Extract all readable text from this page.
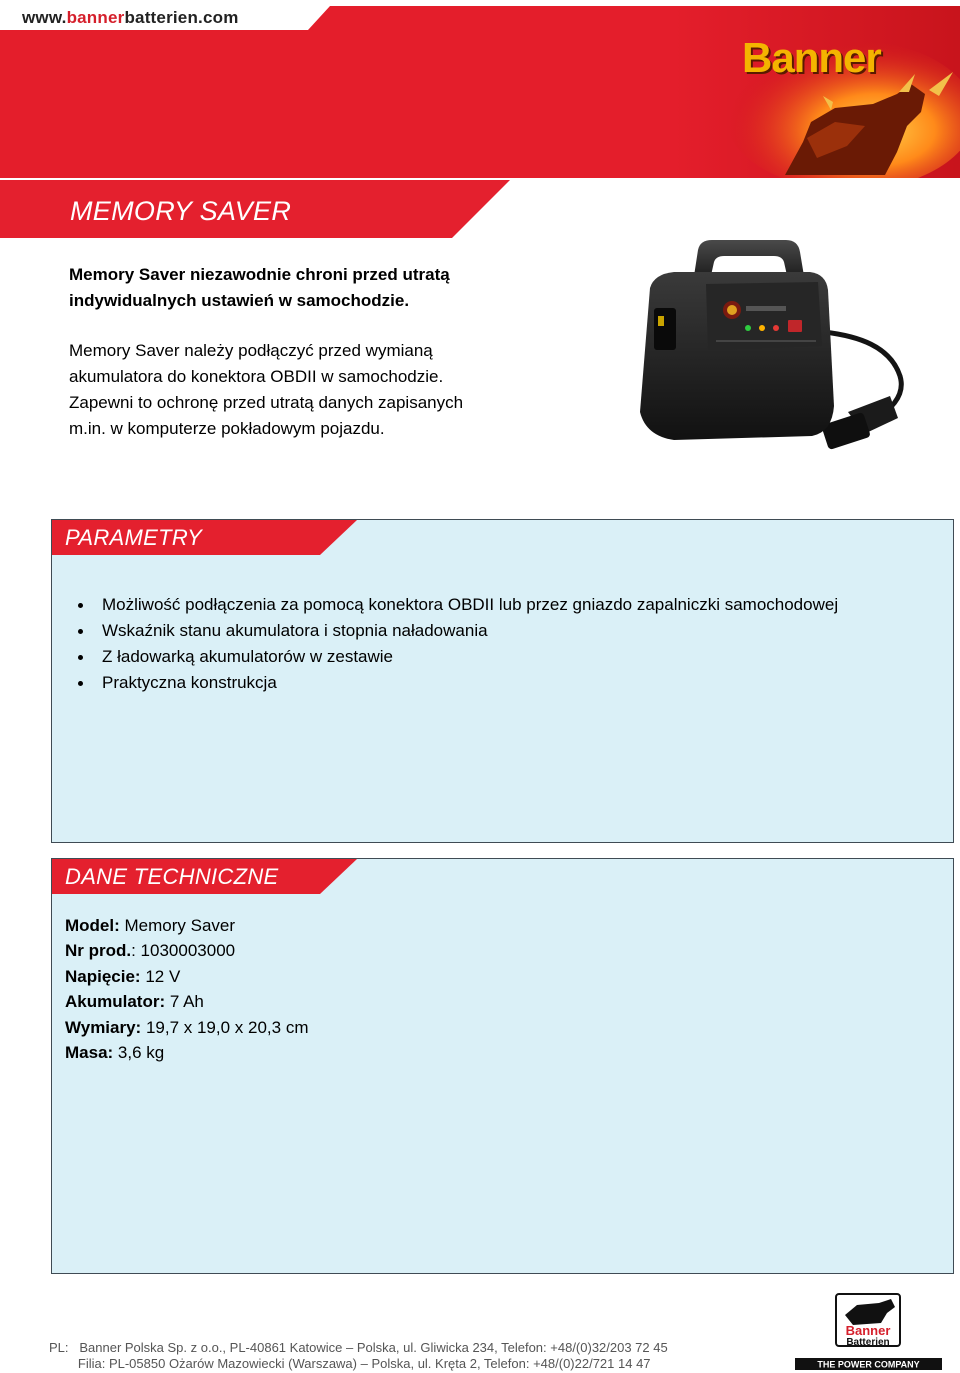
www.bannerbatterien.com
Banner
MEMORY SAVER
Memory Saver niezawodnie chroni przed utratą
indywidualnych ustawień w samochodzie.
Memory Saver należy podłączyć przed wymianą
akumulatora do konektora OBDII w samochodzie.
Zapewni to ochronę przed utratą danych zapisanych
m.in. w komputerze pokładowym pojazdu.
PARAMETRY
Możliwość podłączenia za pomocą konektora OBDII lub przez gniazdo zapalniczki samochodowej
Wskaźnik stanu akumulatora i stopnia naładowania
Z ładowarką akumulatorów w zestawie
Praktyczna konstrukcja
DANE TECHNICZNE
Model: Memory Saver
Nr prod.: 1030003000
Napięcie: 12 V
Akumulator: 7 Ah
Wymiary: 19,7 x 19,0 x 20,3 cm
Masa: 3,6 kg
PL:   Banner Polska Sp. z o.o., PL-40861 Katowice – Polska, ul. Gliwicka 234, Telefon: +48/(0)32/203 72 45
Filia: PL-05850 Ożarów Mazowiecki (Warszawa) – Polska, ul. Kręta 2, Telefon: +48/(0)22/721 14 47
Banner
Batterien
THE POWER COMPANY
